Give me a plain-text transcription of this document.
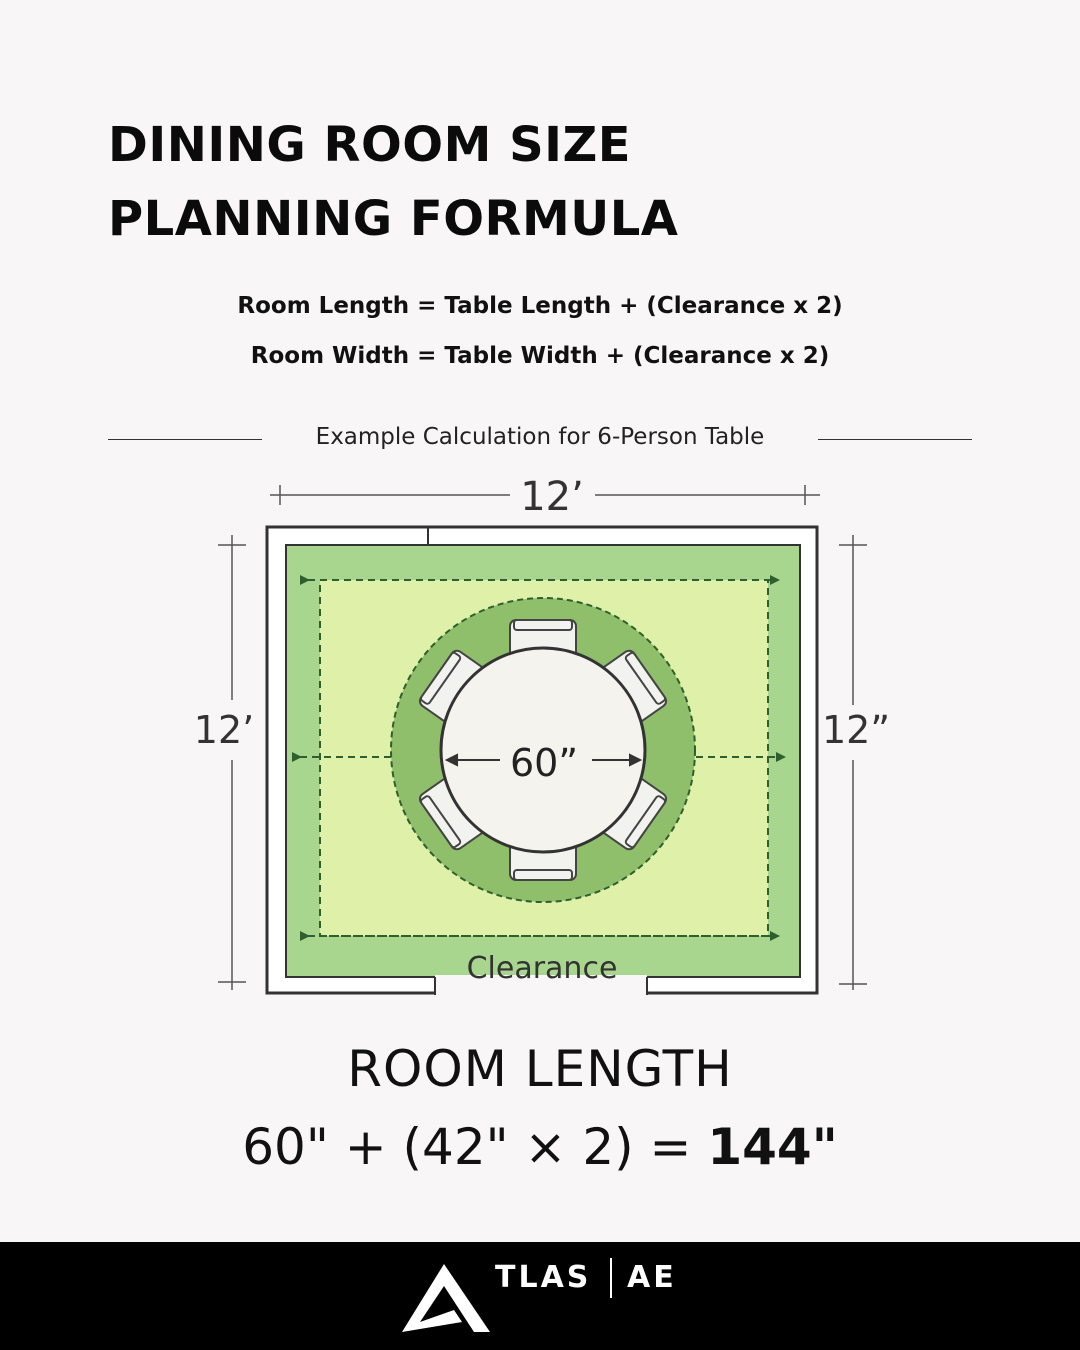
DINING ROOM SIZE
PLANNING FORMULA
Room Length = Table Length + (Clearance x 2)
Room Width = Table Width + (Clearance x 2)
Example Calculation for 6-Person Table
12’
12’	12”
60”
Clearance
ROOM LENGTH
60" + (42" × 2) = 144"
TLAS AE
